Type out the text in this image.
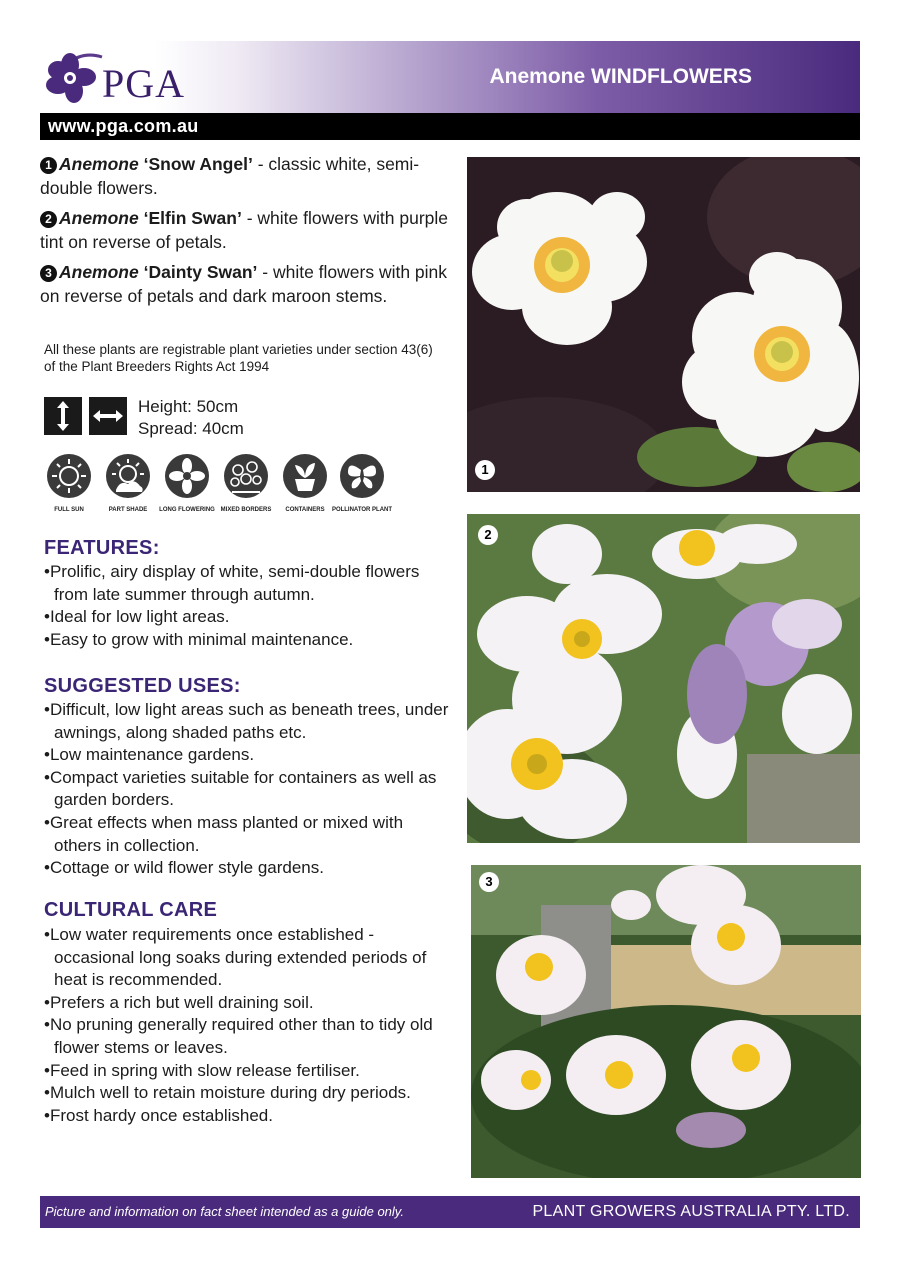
PGA	Anemone WINDFLOWERS
www.pga.com.au
1 Anemone ‘Snow Angel’ - classic white, semi-double flowers.
2 Anemone ‘Elfin Swan’ - white flowers with purple tint on reverse of petals.
3 Anemone ‘Dainty Swan’ - white flowers with pink on reverse of petals and dark maroon stems.
All these plants are registrable plant varieties under section 43(6) of the Plant Breeders Rights Act 1994
Height: 50cm
Spread: 40cm
FULL SUN	PART SHADE	LONG FLOWERING MIXED BORDERS	CONTAINERS	POLLINATOR PLANT
FEATURES:
• Prolific, airy display of white, semi-double flowers from late summer through autumn.
• Ideal for low light areas.
• Easy to grow with minimal maintenance.
SUGGESTED USES:
• Difficult, low light areas such as beneath trees, under awnings, along shaded paths etc.
• Low maintenance gardens.
• Compact varieties suitable for containers as well as garden borders.
• Great effects when mass planted or mixed with others in collection.
• Cottage or wild flower style gardens.
CULTURAL CARE
• Low water requirements once established - occasional long soaks during extended periods of heat is recommended.
• Prefers a rich but well draining soil.
• No pruning generally required other than to tidy old flower stems or leaves.
• Feed in spring with slow release fertiliser.
• Mulch well to retain moisture during dry periods.
• Frost hardy once established.
1
2
3
Picture and information on fact sheet intended as a guide only.	PLANT GROWERS AUSTRALIA PTY. LTD.
